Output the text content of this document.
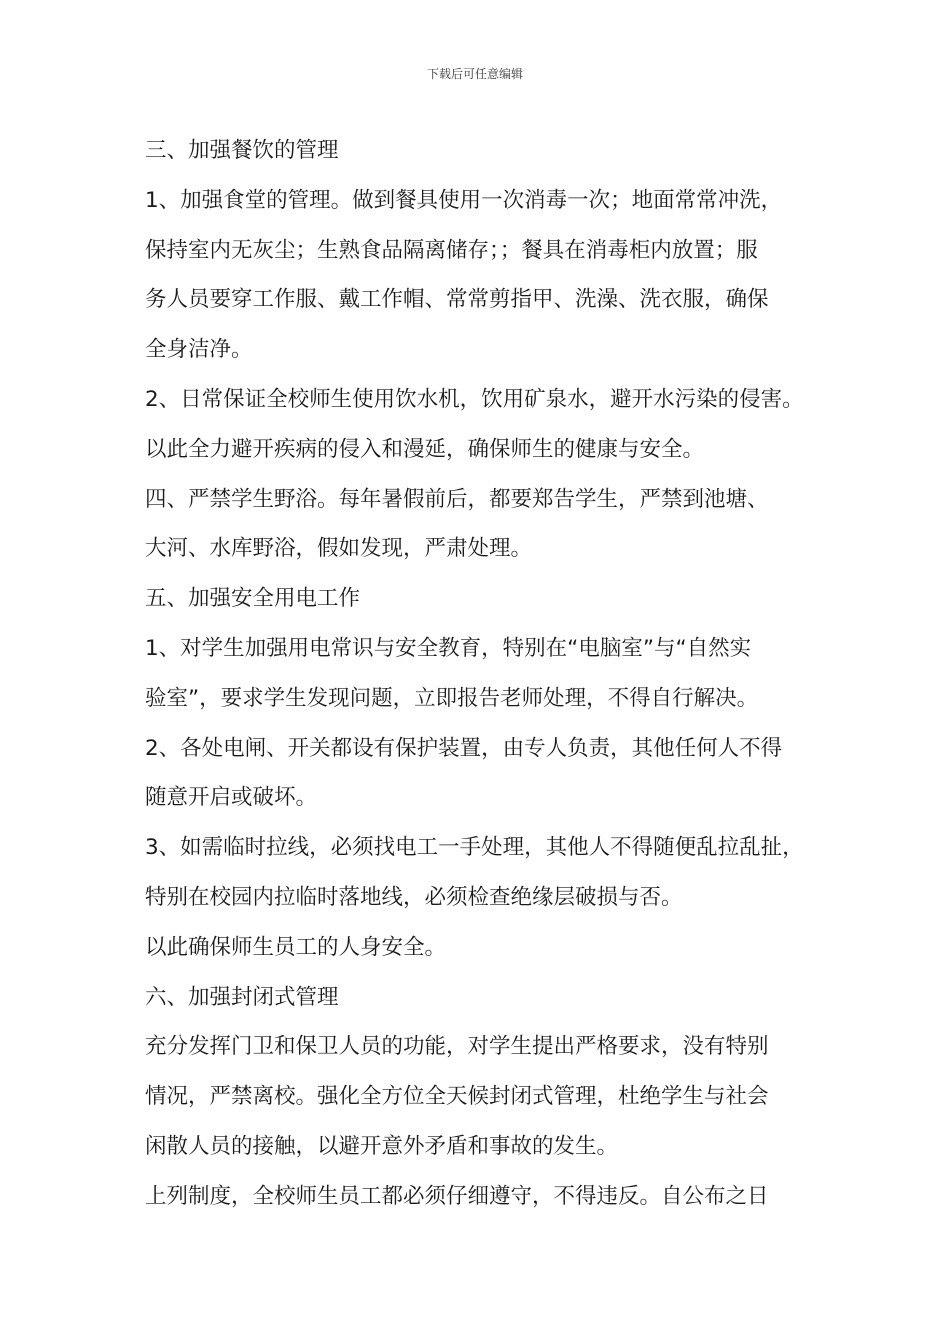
下载后可任意编辑
三、加强餐饮的管理
1、加强食堂的管理。做到餐具使用一次消毒一次；地面常常冲洗，
保持室内无灰尘；生熟食品隔离储存；；餐具在消毒柜内放置；服
务人员要穿工作服、戴工作帽、常常剪指甲、洗澡、洗衣服，确保
全身洁净。
2、日常保证全校师生使用饮水机，饮用矿泉水，避开水污染的侵害。
以此全力避开疾病的侵入和漫延，确保师生的健康与安全。
四、严禁学生野浴。每年暑假前后，都要郑告学生，严禁到池塘、
大河、水库野浴，假如发现，严肃处理。
五、加强安全用电工作
1、对学生加强用电常识与安全教育，特别在“电脑室”与“自然实
验室”，要求学生发现问题，立即报告老师处理，不得自行解决。
2、各处电闸、开关都设有保护装置，由专人负责，其他任何人不得
随意开启或破坏。
3、如需临时拉线，必须找电工一手处理，其他人不得随便乱拉乱扯，
特别在校园内拉临时落地线，必须检查绝缘层破损与否。
以此确保师生员工的人身安全。
六、加强封闭式管理
充分发挥门卫和保卫人员的功能，对学生提出严格要求，没有特别
情况，严禁离校。强化全方位全天候封闭式管理，杜绝学生与社会
闲散人员的接触，以避开意外矛盾和事故的发生。
上列制度，全校师生员工都必须仔细遵守，不得违反。自公布之日
